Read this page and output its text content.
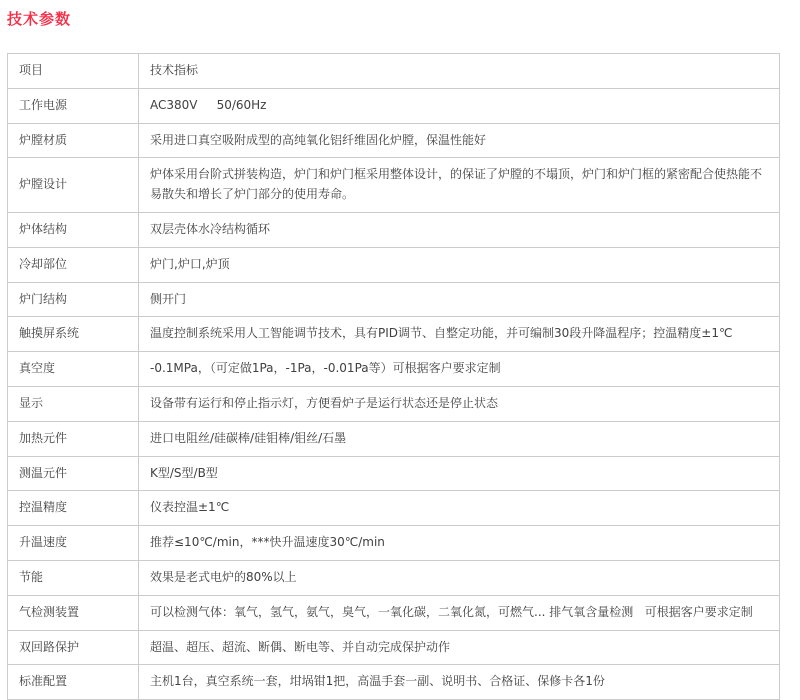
技术参数
项目	技术指标
工作电源	AC380V     50/60Hz
炉膛材质	采用进口真空吸附成型的高纯氧化铝纤维固化炉膛，保温性能好
炉膛设计	炉体采用台阶式拼装构造，炉门和炉门框采用整体设计，的保证了炉膛的不塌顶，炉门和炉门框的紧密配合使热能不易散失和增长了炉门部分的使用寿命。
炉体结构	双层壳体水冷结构循环
冷却部位	炉门,炉口,炉顶
炉门结构	侧开门
触摸屏系统	温度控制系统采用人工智能调节技术，具有PID调节、自整定功能，并可编制30段升降温程序；控温精度±1℃
真空度	-0.1MPa，（可定做1Pa，-1Pa，-0.01Pa等）可根据客户要求定制
显示	设备带有运行和停止指示灯，方便看炉子是运行状态还是停止状态
加热元件	进口电阻丝/硅碳棒/硅钼棒/钼丝/石墨
测温元件	K型/S型/B型
控温精度	仪表控温±1℃
升温速度	推荐≤10℃/min，***快升温速度30℃/min
节能	效果是老式电炉的80%以上
气检测装置	可以检测气体：氧气，氢气，氨气，臭气，一氧化碳，二氧化氮，可燃气... 排气氧含量检测   可根据客户要求定制
双回路保护	超温、超压、超流、断偶、断电等、并自动完成保护动作
标准配置	主机1台，真空系统一套，坩埚钳1把，高温手套一副、说明书、合格证、保修卡各1份
